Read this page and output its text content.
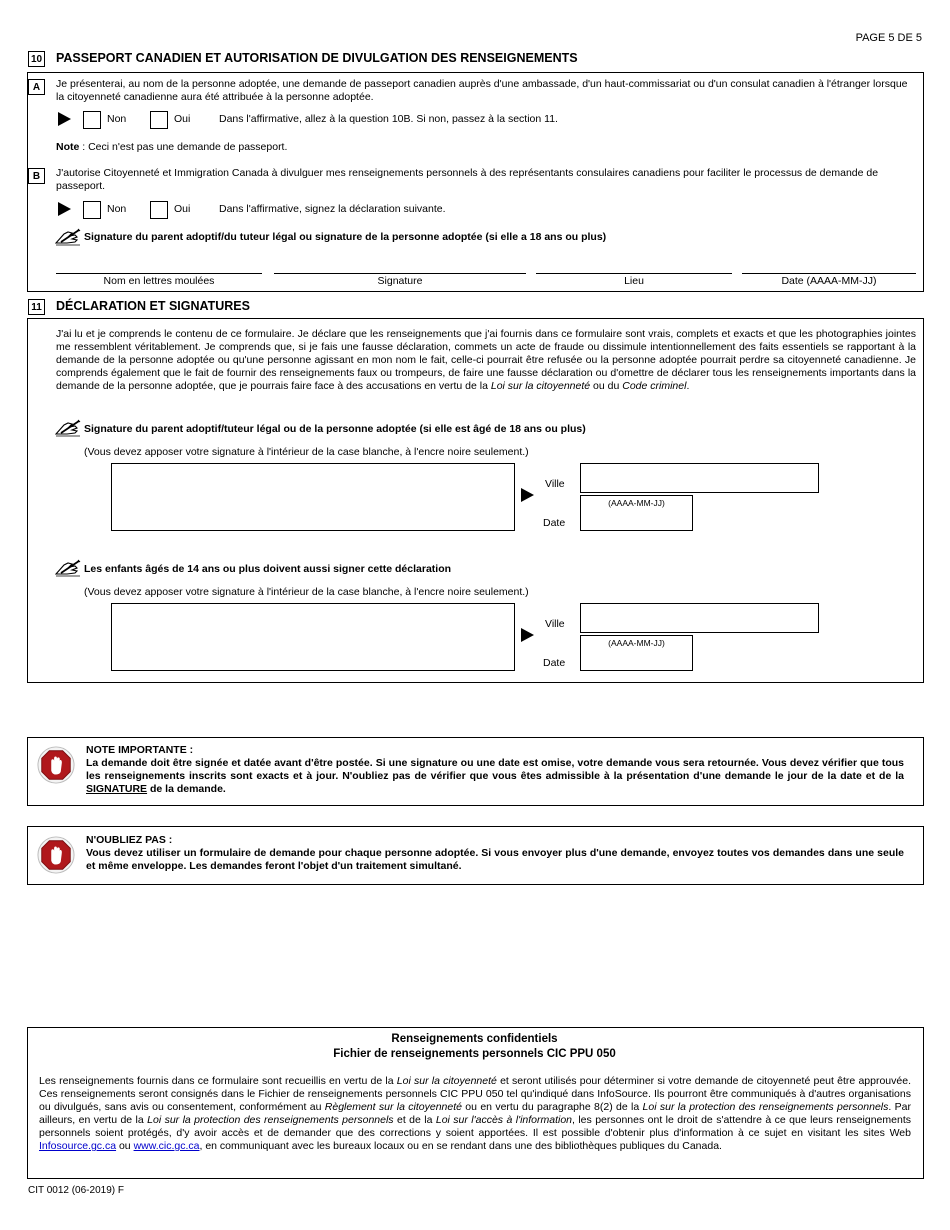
PAGE 5 DE 5
10 PASSEPORT CANADIEN ET AUTORISATION DE DIVULGATION DES RENSEIGNEMENTS
A	Je présenterai, au nom de la personne adoptée, une demande de passeport canadien auprès d'une ambassade, d'un haut-commissariat ou d'un consulat canadien à l'étranger lorsque la citoyenneté canadienne aura été attribuée à la personne adoptée.
Non	Oui	Dans l'affirmative, allez à la question 10B. Si non, passez à la section 11.
Note : Ceci n'est pas une demande de passeport.
B	J'autorise Citoyenneté et Immigration Canada à divulguer mes renseignements personnels à des représentants consulaires canadiens pour faciliter le processus de demande de passeport.
Non	Oui	Dans l'affirmative, signez la déclaration suivante.
Signature du parent adoptif/du tuteur légal ou signature de la personne adoptée (si elle a 18 ans ou plus)
Nom en lettres moulées	Signature	Lieu	Date (AAAA-MM-JJ)
11 DÉCLARATION ET SIGNATURES
J'ai lu et je comprends le contenu de ce formulaire. Je déclare que les renseignements que j'ai fournis dans ce formulaire sont vrais, complets et exacts et que les photographies jointes me ressemblent véritablement. Je comprends que, si je fais une fausse déclaration, commets un acte de fraude ou dissimule intentionnellement des faits essentiels se rapportant à la demande de la personne adoptée ou qu'une personne agissant en mon nom le fait, celle-ci pourrait être refusée ou la personne adoptée pourrait perdre sa citoyenneté canadienne. Je comprends également que le fait de fournir des renseignements faux ou trompeurs, de faire une fausse déclaration ou d'omettre de déclarer tous les renseignements importants dans la demande de la personne adoptée, que je pourrais faire face à des accusations en vertu de la Loi sur la citoyenneté ou du Code criminel.
Signature du parent adoptif/tuteur légal ou de la personne adoptée (si elle est âgé de 18 ans ou plus)
(Vous devez apposer votre signature à l'intérieur de la case blanche, à l'encre noire seulement.)
Ville
Date
(AAAA-MM-JJ)
Les enfants âgés de 14 ans ou plus doivent aussi signer cette déclaration
(Vous devez apposer votre signature à l'intérieur de la case blanche, à l'encre noire seulement.)
Ville
Date
(AAAA-MM-JJ)
NOTE IMPORTANTE :
La demande doit être signée et datée avant d'être postée. Si une signature ou une date est omise, votre demande vous sera retournée. Vous devez vérifier que tous les renseignements inscrits sont exacts et à jour. N'oubliez pas de vérifier que vous êtes admissible à la présentation d'une demande le jour de la date et de la SIGNATURE de la demande.
N'OUBLIEZ PAS :
Vous devez utiliser un formulaire de demande pour chaque personne adoptée. Si vous envoyer plus d'une demande, envoyez toutes vos demandes dans une seule et même enveloppe. Les demandes feront l'objet d'un traitement simultané.
Renseignements confidentiels
Fichier de renseignements personnels CIC PPU 050
Les renseignements fournis dans ce formulaire sont recueillis en vertu de la Loi sur la citoyenneté et seront utilisés pour déterminer si votre demande de citoyenneté peut être approuvée. Ces renseignements seront consignés dans le Fichier de renseignements personnels CIC PPU 050 tel qu'indiqué dans InfoSource. Ils pourront être communiqués à d'autres organisations ou divulgués, sans avis ou consentement, conformément au Règlement sur la citoyenneté ou en vertu du paragraphe 8(2) de la Loi sur la protection des renseignements personnels. Par ailleurs, en vertu de la Loi sur la protection des renseignements personnels et de la Loi sur l'accès à l'information, les personnes ont le droit de s'attendre à ce que leurs renseignements personnels soient protégés, d'y avoir accès et de demander que des corrections y soient apportées. Il est possible d'obtenir plus d'information à ce sujet en visitant les sites Web Infosource.gc.ca ou www.cic.gc.ca, en communiquant avec les bureaux locaux ou en se rendant dans une des bibliothèques publiques du Canada.
CIT 0012 (06-2019) F
